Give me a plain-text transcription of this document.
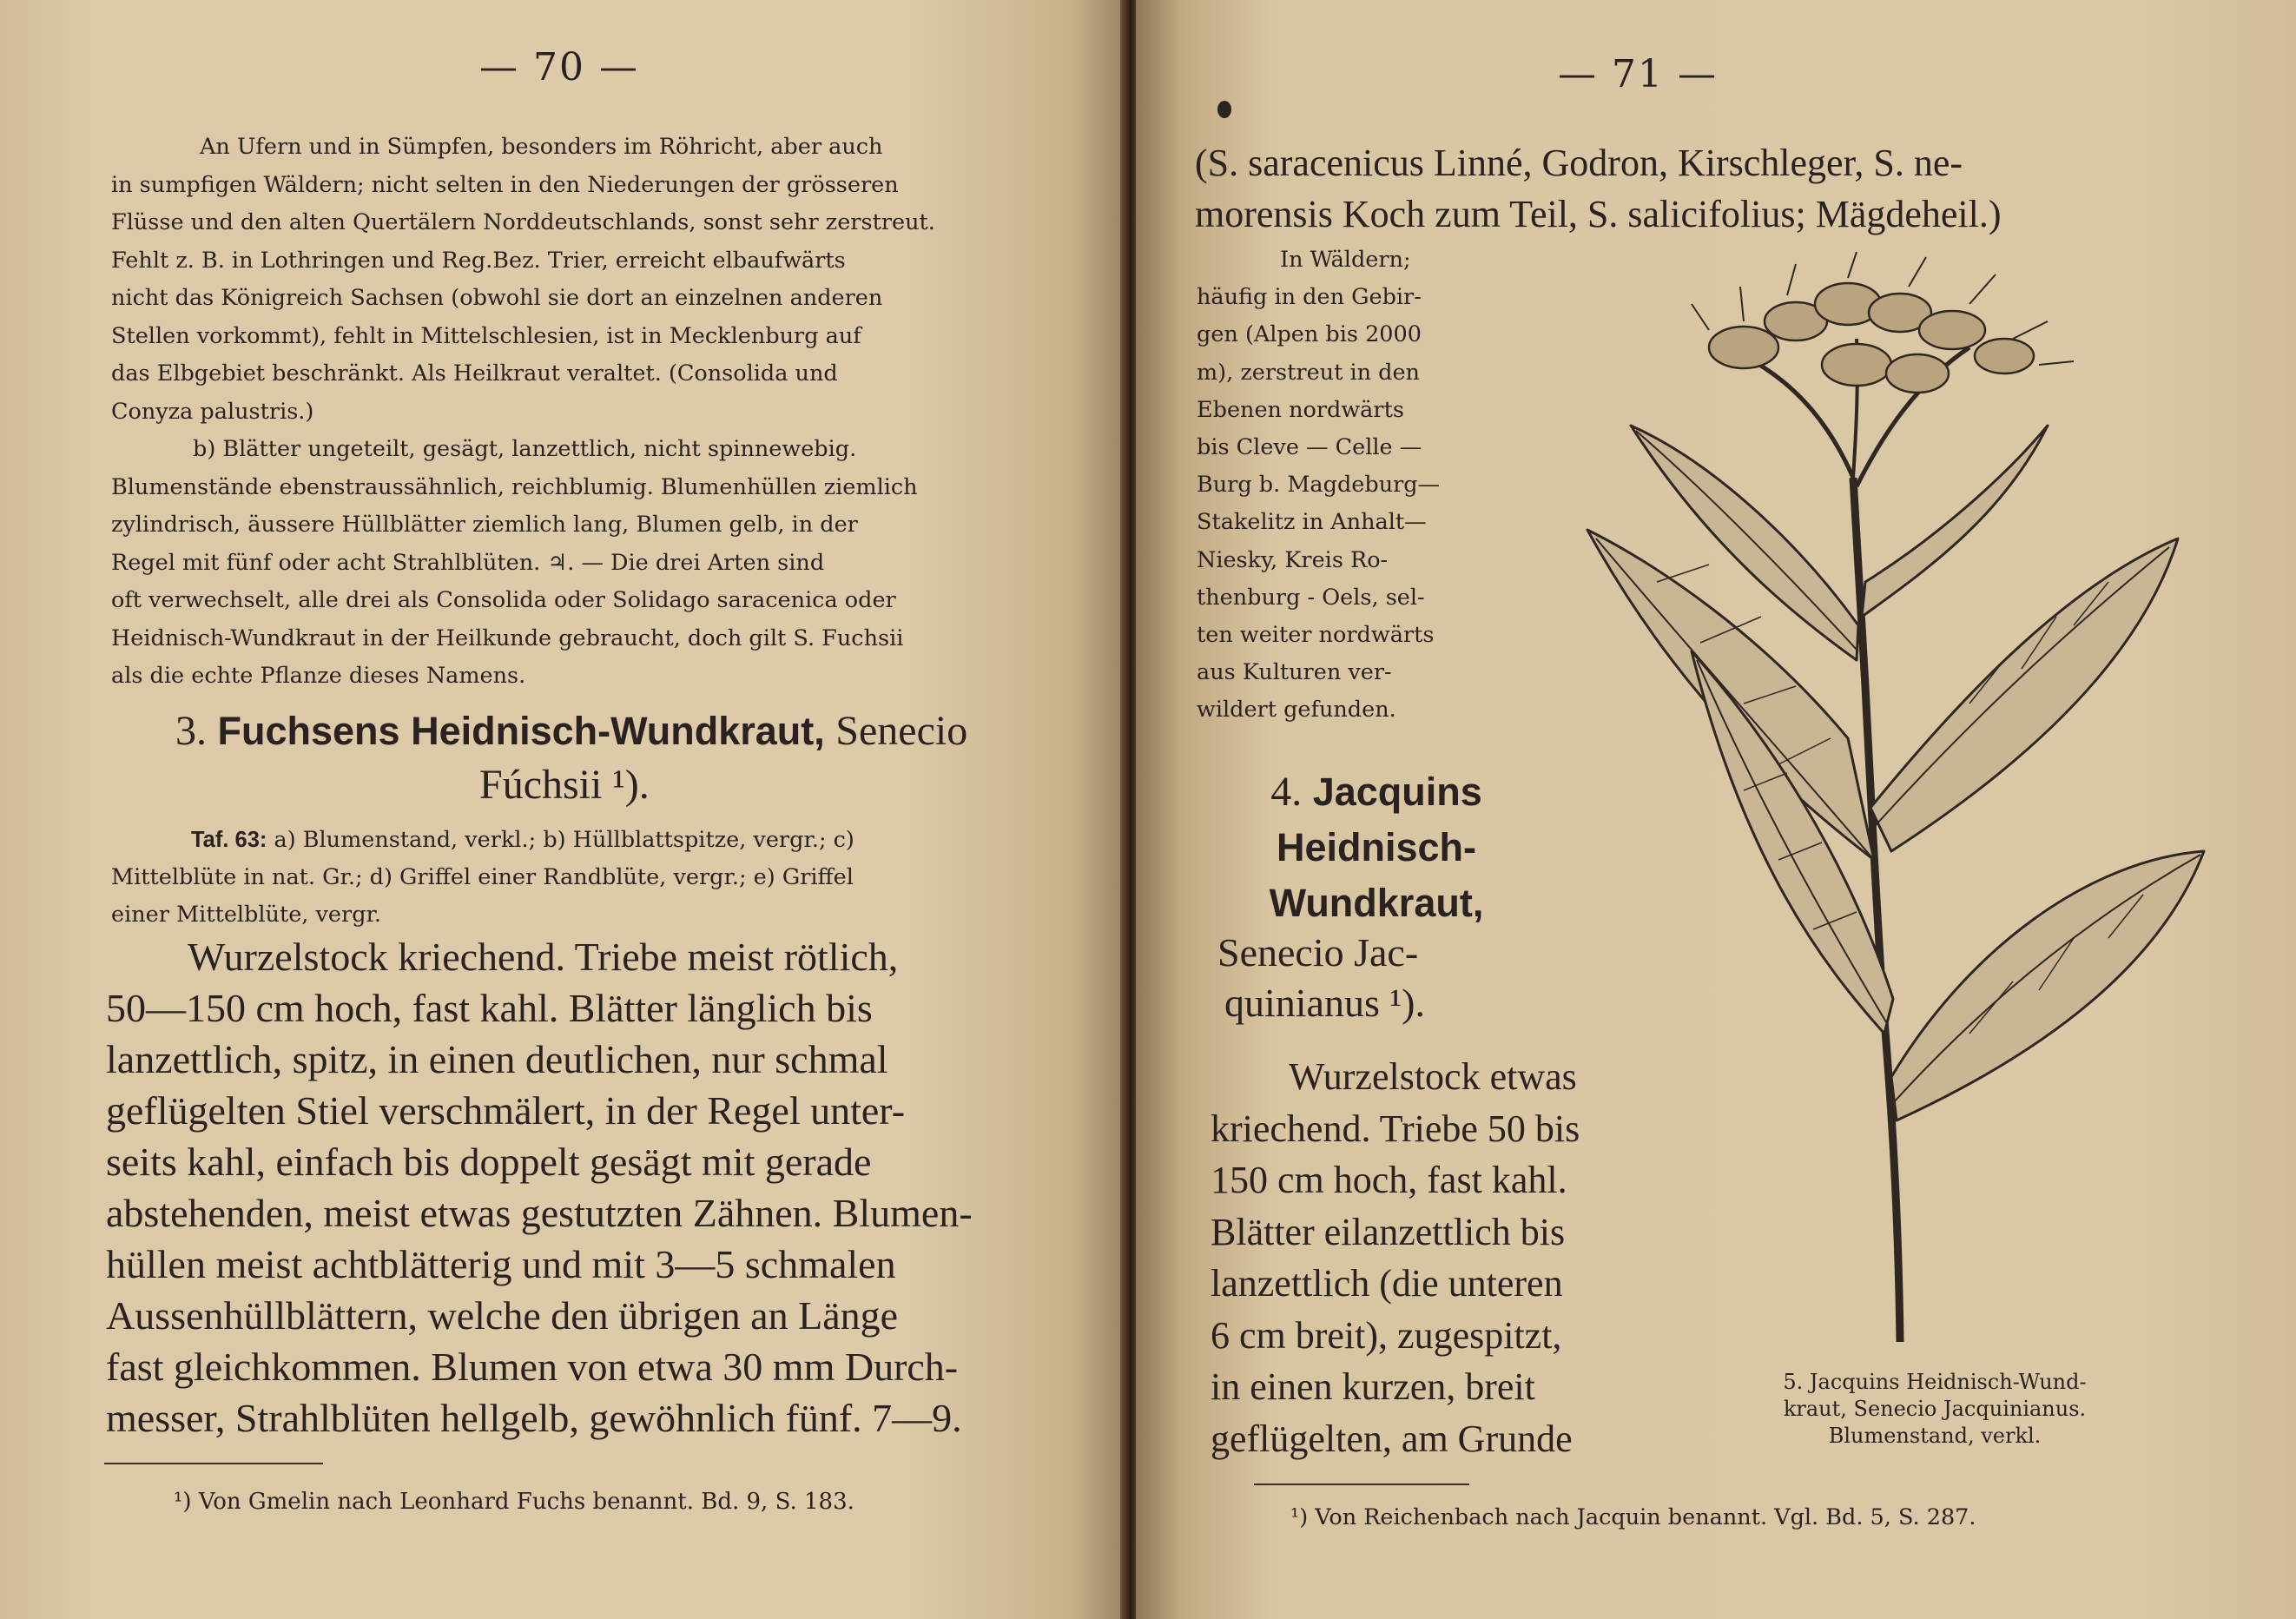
— 70 —

An Ufern und in Sümpfen, besonders im Röhricht, aber auch

in sumpfigen Wäldern; nicht selten in den Niederungen der grösseren

Flüsse und den alten Quertälern Norddeutschlands, sonst sehr zerstreut.

Fehlt z. B. in Lothringen und Reg.Bez. Trier, erreicht elbaufwärts

nicht das Königreich Sachsen (obwohl sie dort an einzelnen anderen

Stellen vorkommt), fehlt in Mittelschlesien, ist in Mecklenburg auf

das Elbgebiet beschränkt. Als Heilkraut veraltet. (Consolida und

Conyza palustris.)

b) Blätter ungeteilt, gesägt, lanzettlich, nicht spinnewebig.

Blumenstände ebenstraussähnlich, reichblumig. Blumenhüllen ziemlich

zylindrisch, äussere Hüllblätter ziemlich lang, Blumen gelb, in der

Regel mit fünf oder acht Strahlblüten. ♃. — Die drei Arten sind

oft verwechselt, alle drei als Consolida oder Solidago saracenica oder

Heidnisch-Wundkraut in der Heilkunde gebraucht, doch gilt S. Fuchsii

als die echte Pflanze dieses Namens.

3. Fuchsens Heidnisch-Wundkraut, Senecio
Fúchsii ¹).
Taf. 63: a) Blumenstand, verkl.; b) Hüllblattspitze, vergr.; c)
Mittelblüte in nat. Gr.; d) Griffel einer Randblüte, vergr.; e) Griffel
einer Mittelblüte, vergr.

Wurzelstock kriechend. Triebe meist rötlich,

50—150 cm hoch, fast kahl. Blätter länglich bis

lanzettlich, spitz, in einen deutlichen, nur schmal

geflügelten Stiel verschmälert, in der Regel unter-

seits kahl, einfach bis doppelt gesägt mit gerade

abstehenden, meist etwas gestutzten Zähnen. Blumen-

hüllen meist achtblätterig und mit 3—5 schmalen

Aussenhüllblättern, welche den übrigen an Länge

fast gleichkommen. Blumen von etwa 30 mm Durch-

messer, Strahlblüten hellgelb, gewöhnlich fünf. 7—9.

¹) Von Gmelin nach Leonhard Fuchs benannt. Bd. 9, S. 183.
— 71 —

(S. saracenicus Linné, Godron, Kirschleger, S. ne-

morensis Koch zum Teil, S. salicifolius; Mägdeheil.)

In Wäldern;

häufig in den Gebir-

gen (Alpen bis 2000

m), zerstreut in den

Ebenen nordwärts

bis Cleve — Celle —

Burg b. Magdeburg—

Stakelitz in Anhalt—

Niesky, Kreis Ro-

thenburg - Oels, sel-

ten weiter nordwärts

aus Kulturen ver-

wildert gefunden.

4. Jacquins
Heidnisch-
Wundkraut,

Senecio Jac-

quinianus ¹).

Wurzelstock etwas

kriechend. Triebe 50 bis

150 cm hoch, fast kahl.

Blätter eilanzettlich bis

lanzettlich (die unteren

6 cm breit), zugespitzt,

in einen kurzen, breit

geflügelten, am Grunde

5. Jacquins Heidnisch-Wund-
kraut, Senecio Jacquinianus.
Blumenstand, verkl.
¹) Von Reichenbach nach Jacquin benannt. Vgl. Bd. 5, S. 287.
